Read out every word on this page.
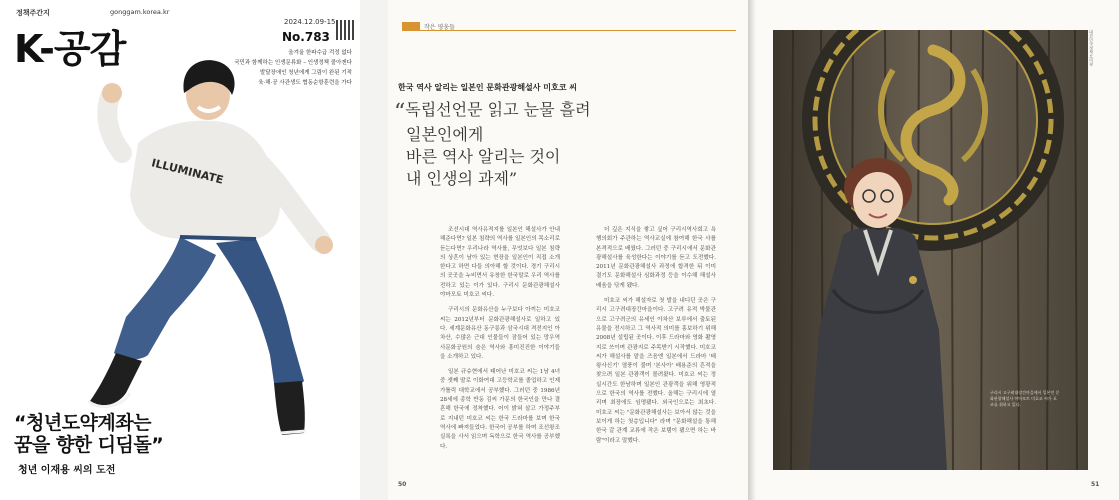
정책주간지	gonggam.korea.kr
K-공감
2024.12.09-15
No.783
올겨울 한파수급 걱정 없다
국민과 함께하는 인생문류화 – 인생정책 콜아겐다
발달장애인 청년에게 그림이 완된 기적
육·해·공 사관생도 협동순항훈련을 가다
ILLUMINATE
“청년도약계좌는
꿈을 향한 디딤돌”
청년 이재용 씨의 도전
작은 영웅들
한국 역사 알리는 일본인 문화관광해설사 미호코 씨
“독립선언문 읽고 눈물 흘려
일본인에게
바른 역사 알리는 것이
내 인생의 과제”

조선시대 역사유적지를 일본인 해설사가 안내해준다면? 일본 침략의 역사를 일본인의 목소리로 듣는다면? 우리나라 역사를, 무엇보다 일본 침략의 상흔이 남아 있는 현장을 일본인이 직접 소개한다고 하면 다들 의아해 할 것이다. 경기 구리시의 곳곳을 누비면서 유창한 한국말로 우리 역사를 전하고 있는 이가 있다. 구리시 문화관광해설사 야마모토 미호코 씨다.

구리시의 문화유산을 누구보다 아끼는 미호코 씨는 2012년부터 문화관광해설사로 일하고 있다. 세계문화유산 동구릉과 삼국시대 격전지인 아차산, 수많은 근대 인물들이 잠들어 있는 망우역사문화공원의 숨은 역사와 흥미진진한 이야기들을 소개하고 있다.

일본 규슈현에서 태어난 미호코 씨는 1남 4녀 중 셋째 딸로 이화여대 고등학교를 졸업하고 인제가톨릭 대학교에서 공부했다. 그러던 중 1986년 28세에 종학 반동 김씨 가문의 한국인을 만나 결혼해 한국에 정착했다. 어이 밝혀 살고 가정주부로 지내던 미호코 씨는 한국 드라마를 보며 한국 역사에 빠져들었다. 한국어 공부를 하며 조선왕조실록을 사서 읽으며 독학으로 한국 역사를 공부했다.

더 깊은 지식을 쌓고 싶어 구리시역사회고 욕행의회가 주관하는 역사교실에 참여해 한국 사를 본격적으로 배웠다. 그러던 중 구리시에서 문화관광해설사를 육성한다는 이야기를 듣고 도전했다. 2011년 문화관광해설사 과정에 합격한 뒤 이미 결기도 문화해설사 심화과정 등을 이수해 해설사 배움을 닦게 됐다.

미호코 씨가 해설자로 첫 발을 내디딘 곳은 구리시 고구려대장간마을이다. 고구려 유적 박물관으로 고구려군의 유세인 아차산 보루에서 출토된 유물을 전시하고 그 역사적 의미를 홍보하기 위해 2008년 설립된 곳이다. 이후 드라마와 영화 촬영지로 쓰이며 관광지로 주목받기 시작했다. 미호코 씨가 해설사를 맡을 즈음엔 일본에서 드라마 '태왕사신기' 열풍이 불며 '본사아' 배용준의 흔적을 찾으려 일본 관광객이 몰려왔다. 미호코 씨는 정실시간도 한남하며 일본인 관광객을 위해 영광적으로 한국의 역사를 전했다. 올해는 구리시에 열리며 최장에도 임명됐다. 외국인으로는 최초다. 미호코 씨는 "문화관광해설사는 보아서 않는 것을 보이게 하는 첫층입니다" 라며 "문화해설을 통해 한국 갈 관계 교류에 작은 보탬이 됐으면 하는 바람"이라고 말했다.

50
구리시 고구려대장간마을에서 일본인 문화관광해설사 야마모토 미호코 씨가 포즈를 취하고 있다.
대한민국정책브리핑
51
